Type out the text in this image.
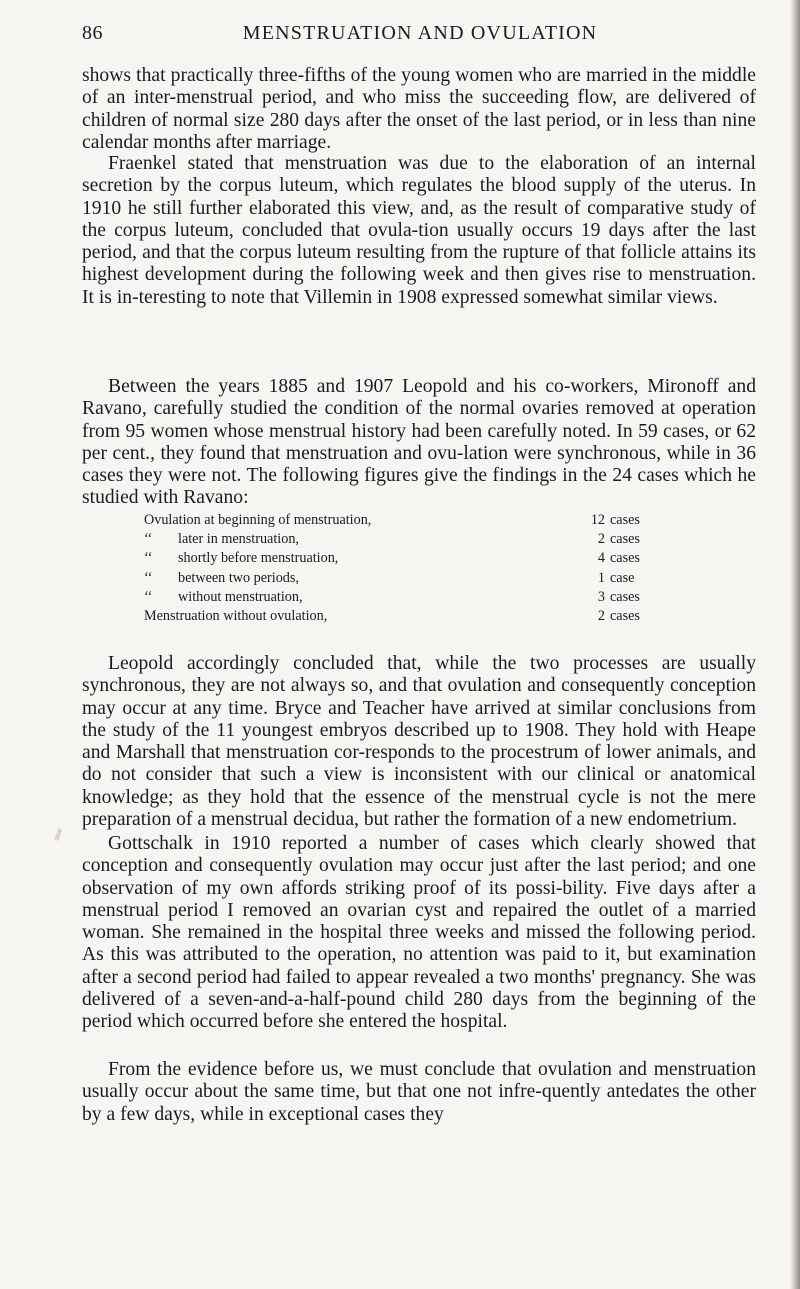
86	MENSTRUATION AND OVULATION

shows that practically three-fifths of the young women who are married in the middle of an inter-menstrual period, and who miss the succeeding flow, are delivered of children of normal size 280 days after the onset of the last period, or in less than nine calendar months after marriage.

Fraenkel stated that menstruation was due to the elaboration of an internal secretion by the corpus luteum, which regulates the blood supply of the uterus. In 1910 he still further elaborated this view, and, as the result of comparative study of the corpus luteum, concluded that ovula-tion usually occurs 19 days after the last period, and that the corpus luteum resulting from the rupture of that follicle attains its highest development during the following week and then gives rise to menstruation. It is in-teresting to note that Villemin in 1908 expressed somewhat similar views.

Between the years 1885 and 1907 Leopold and his co-workers, Mironoff and Ravano, carefully studied the condition of the normal ovaries removed at operation from 95 women whose menstrual history had been carefully noted. In 59 cases, or 62 per cent., they found that menstruation and ovu-lation were synchronous, while in 36 cases they were not. The following figures give the findings in the 24 cases which he studied with Ravano:

Ovulation at beginning of menstruation,		12 cases
‘‘	later in menstruation,	2 cases
‘‘	shortly before menstruation,	4 cases
‘‘	between two periods,	1 case
‘‘	without menstruation,	3 cases
Menstruation without ovulation,		2 cases

Leopold accordingly concluded that, while the two processes are usually synchronous, they are not always so, and that ovulation and consequently conception may occur at any time. Bryce and Teacher have arrived at similar conclusions from the study of the 11 youngest embryos described up to 1908. They hold with Heape and Marshall that menstruation cor-responds to the procestrum of lower animals, and do not consider that such a view is inconsistent with our clinical or anatomical knowledge; as they hold that the essence of the menstrual cycle is not the mere preparation of a menstrual decidua, but rather the formation of a new endometrium.

Gottschalk in 1910 reported a number of cases which clearly showed that conception and consequently ovulation may occur just after the last period; and one observation of my own affords striking proof of its possi-bility. Five days after a menstrual period I removed an ovarian cyst and repaired the outlet of a married woman. She remained in the hospital three weeks and missed the following period. As this was attributed to the operation, no attention was paid to it, but examination after a second period had failed to appear revealed a two months' pregnancy. She was delivered of a seven-and-a-half-pound child 280 days from the beginning of the period which occurred before she entered the hospital.

From the evidence before us, we must conclude that ovulation and menstruation usually occur about the same time, but that one not infre-quently antedates the other by a few days, while in exceptional cases they
